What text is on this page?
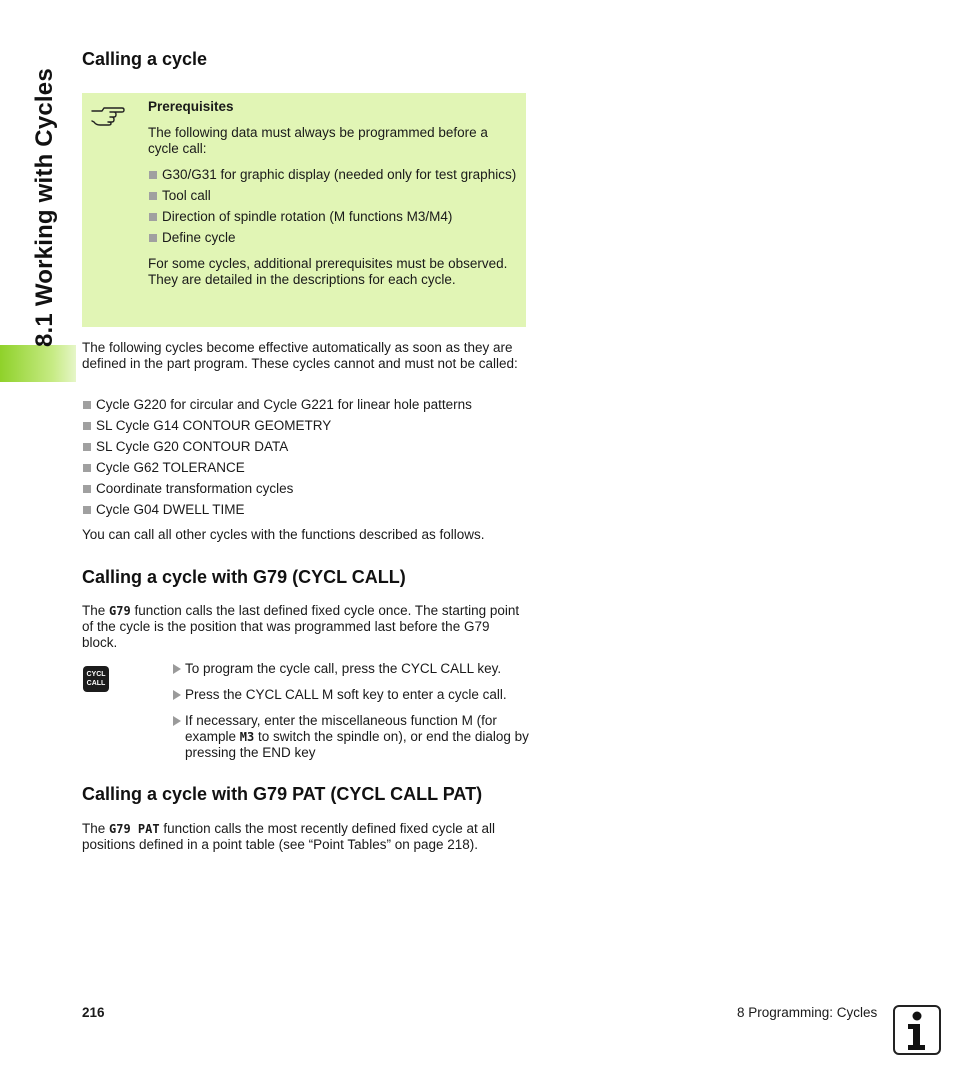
8.1 Working with Cycles
Calling a cycle

Prerequisites

The following data must always be programmed before a cycle call:

G30/G31 for graphic display (needed only for test graphics)
Tool call
Direction of spindle rotation (M functions M3/M4)
Define cycle

For some cycles, additional prerequisites must be observed. They are detailed in the descriptions for each cycle.

The following cycles become effective automatically as soon as they are defined in the part program. These cycles cannot and must not be called:

Cycle G220 for circular and Cycle G221 for linear hole patterns
SL Cycle G14 CONTOUR GEOMETRY
SL Cycle G20 CONTOUR DATA
Cycle G62 TOLERANCE
Coordinate transformation cycles
Cycle G04 DWELL TIME

You can call all other cycles with the functions described as follows.

Calling a cycle with G79 (CYCL CALL)

The G79 function calls the last defined fixed cycle once. The starting point of the cycle is the position that was programmed last before the G79 block.

CYCL
CALL
To program the cycle call, press the CYCL CALL key.
Press the CYCL CALL M soft key to enter a cycle call.
If necessary, enter the miscellaneous function M (for example M3 to switch the spindle on), or end the dialog by pressing the END key
Calling a cycle with G79 PAT (CYCL CALL PAT)

The G79 PAT function calls the most recently defined fixed cycle at all positions defined in a point table (see “Point Tables” on page 218).

216	8 Programming: Cycles
